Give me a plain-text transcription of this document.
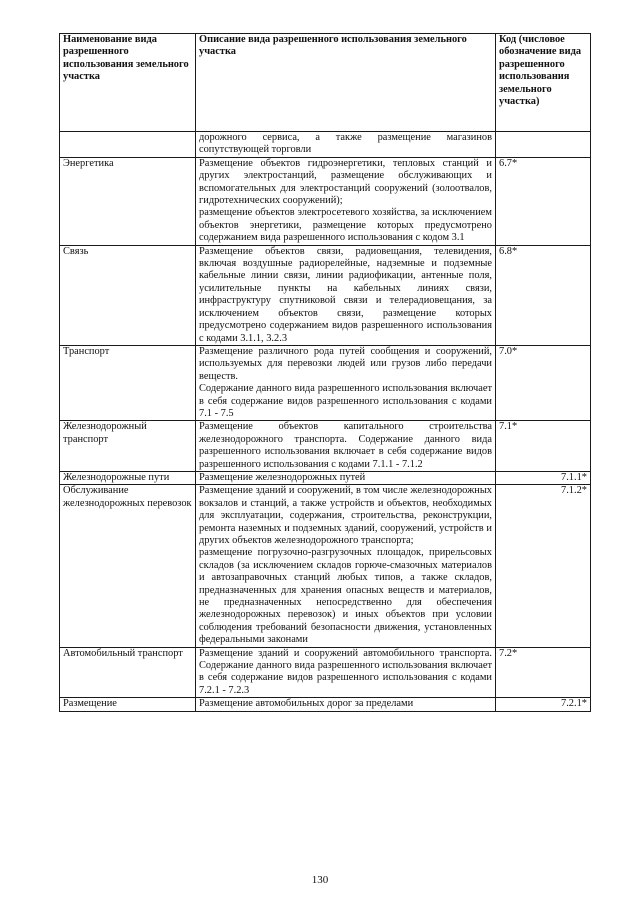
Наименование вида разрешенного использования земельного участка	Описание вида разрешенного использования земельного участка	Код (числовое обозначение вида разрешенного использования земельного участка)

	дорожного сервиса, а также размещение магазинов сопутствующей торговли	

Энергетика	Размещение объектов гидроэнергетики, тепловых станций и других электростанций, размещение обслуживающих и вспомогательных для электростанций сооружений (золоотвалов, гидротехнических сооружений);

размещение объектов электросетевого хозяйства, за исключением объектов энергетики, размещение которых предусмотрено содержанием вида разрешенного использования с кодом 3.1	6.7*
Связь	Размещение объектов связи, радиовещания, телевидения, включая воздушные радиорелейные, надземные и подземные кабельные линии связи, линии радиофикации, антенные поля, усилительные пункты на кабельных линиях связи, инфраструктуру спутниковой связи и телерадиовещания, за исключением объектов связи, размещение которых предусмотрено содержанием видов разрешенного использования с кодами 3.1.1, 3.2.3	6.8*
Транспорт	Размещение различного рода путей сообщения и сооружений, используемых для перевозки людей или грузов либо передачи веществ.

Содержание данного вида разрешенного использования включает в себя содержание видов разрешенного использования с кодами 7.1 - 7.5	7.0*
Железнодорожный транспорт	Размещение объектов капитального строительства железнодорожного транспорта. Содержание данного вида разрешенного использования включает в себя содержание видов разрешенного использования с кодами 7.1.1 - 7.1.2	7.1*
Железнодорожные пути	Размещение железнодорожных путей	7.1.1*
Обслуживание железнодорожных перевозок	Размещение зданий и сооружений, в том числе железнодорожных вокзалов и станций, а также устройств и объектов, необходимых для эксплуатации, содержания, строительства, реконструкции, ремонта наземных и подземных зданий, сооружений, устройств и других объектов железнодорожного транспорта;

размещение погрузочно-разгрузочных площадок, прирельсовых складов (за исключением складов горюче-смазочных материалов и автозаправочных станций любых типов, а также складов, предназначенных для хранения опасных веществ и материалов, не предназначенных непосредственно для обеспечения железнодорожных перевозок) и иных объектов при условии соблюдения требований безопасности движения, установленных федеральными законами	7.1.2*
Автомобильный транспорт	Размещение зданий и сооружений автомобильного транспорта. Содержание данного вида разрешенного использования включает в себя содержание видов разрешенного использования с кодами 7.2.1 - 7.2.3	7.2*
Размещение	Размещение автомобильных дорог за пределами	7.2.1*
130
